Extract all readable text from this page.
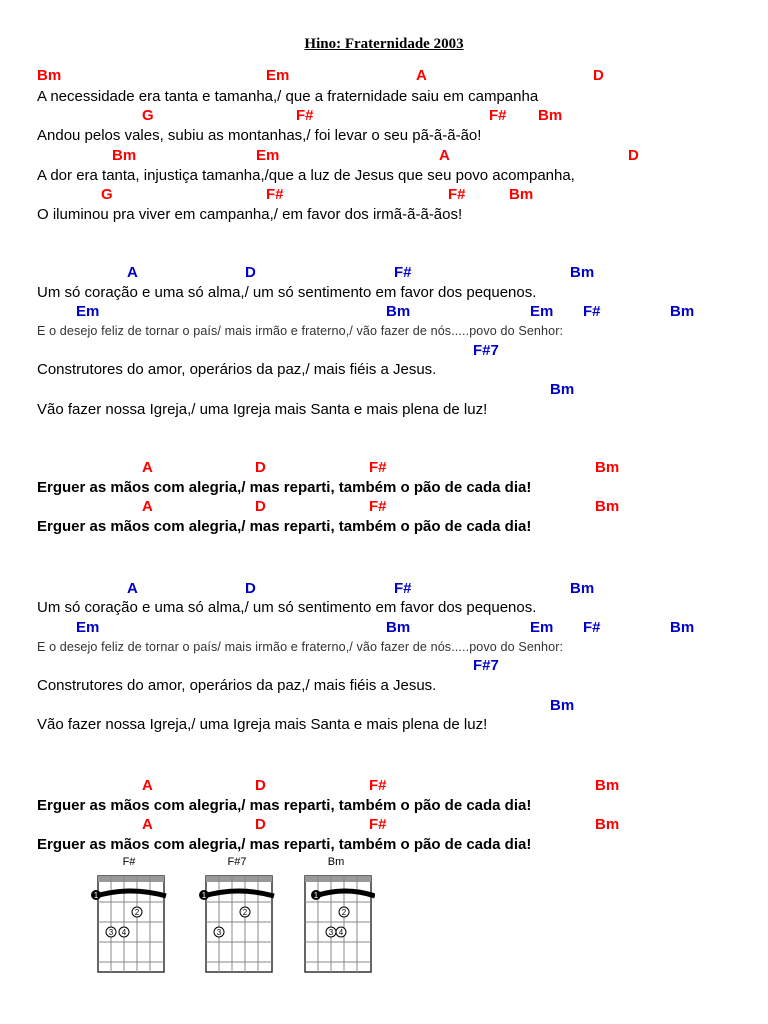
Hino: Fraternidade 2003
Bm	Em	A	D
A necessidade era tanta e tamanha,/ que a fraternidade saiu em campanha
G	F#	F# Bm
Andou pelos vales, subiu as montanhas,/ foi levar o seu pã-ã-ã-ão!
Bm	Em	A	D
A dor era tanta, injustiça tamanha,/que a luz de Jesus que seu povo acompanha,
G	F#	F#	Bm
O iluminou pra viver em campanha,/ em favor dos irmã-ã-ã-ãos!
A	D	F#	Bm
Um só coração e uma só alma,/ um só sentimento em favor dos pequenos.
Em	Bm	Em F#	Bm
E o desejo feliz de tornar o país/ mais irmão e fraterno,/ vão fazer de nós.....povo do Senhor:
F#7
Construtores do amor, operários da paz,/ mais fiéis a Jesus.
Bm
Vão fazer nossa Igreja,/ uma Igreja mais Santa e mais plena de luz!
A	D	F#	Bm
Erguer as mãos com alegria,/ mas reparti, também o pão de cada dia!
A	D	F#	Bm
Erguer as mãos com alegria,/ mas reparti, também o pão de cada dia!
A	D	F#	Bm
Um só coração e uma só alma,/ um só sentimento em favor dos pequenos.
Em	Bm	Em F#	Bm
E o desejo feliz de tornar o país/ mais irmão e fraterno,/ vão fazer de nós.....povo do Senhor:
F#7
Construtores do amor, operários da paz,/ mais fiéis a Jesus.
Bm
Vão fazer nossa Igreja,/ uma Igreja mais Santa e mais plena de luz!
A	D	F#	Bm
Erguer as mãos com alegria,/ mas reparti, também o pão de cada dia!
A	D	F#	Bm
Erguer as mãos com alegria,/ mas reparti, também o pão de cada dia!
F#
1
2
3 4
F#7
1
2
3
Bm
1
2
3 4
